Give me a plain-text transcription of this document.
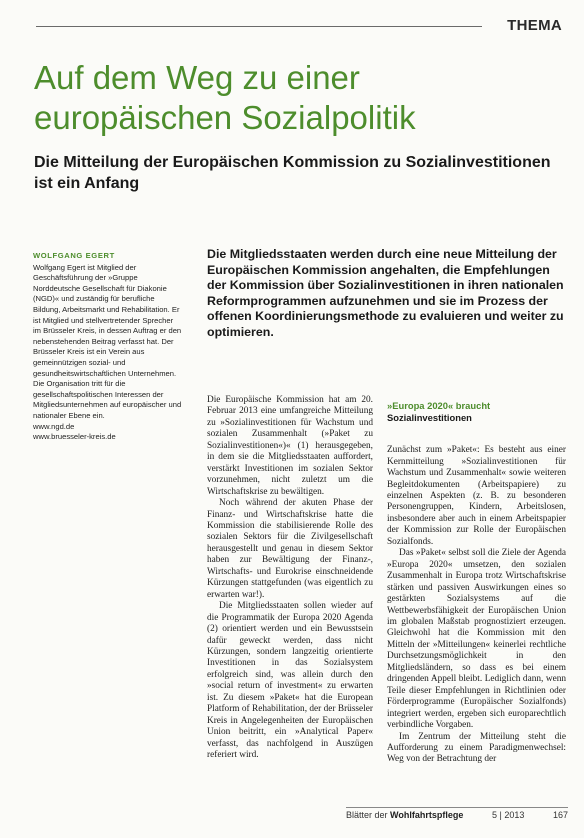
THEMA
Auf dem Weg zu einer europäischen Sozialpolitik
Die Mitteilung der Europäischen Kommission zu Sozialinvestitionen ist ein Anfang
WOLFGANG EGERT

Wolfgang Egert ist Mitglied der Geschäftsführung der »Gruppe Norddeutsche Gesellschaft für Diakonie (NGD)« und zuständig für berufliche Bildung, Arbeitsmarkt und Rehabilitation. Er ist Mitglied und stellvertretender Sprecher im Brüsseler Kreis, in dessen Auftrag er den nebenstehenden Beitrag verfasst hat. Der Brüsseler Kreis ist ein Verein aus gemeinnützigen sozial- und gesundheitswirtschaftlichen Unternehmen. Die Organisation tritt für die gesellschaftspolitischen Interessen der Mitgliedsunternehmen auf europäischer und nationaler Ebene ein.

www.ngd.de

www.bruesseler-kreis.de

Die Mitgliedsstaaten werden durch eine neue Mitteilung der Europäischen Kommission angehalten, die Empfehlungen der Kommission über Sozialinvestitionen in ihren nationalen Reformprogrammen aufzunehmen und sie im Prozess der offenen Koordinierungsmethode zu evaluieren und weiter zu optimieren.

Die Europäische Kommission hat am 20. Februar 2013 eine umfangreiche Mitteilung zu »Sozialinvestitionen für Wachstum und sozialen Zusammenhalt (»Paket zu Sozialinvestitionen«)« (1) herausgegeben, in dem sie die Mitgliedsstaaten auffordert, verstärkt Investitionen im sozialen Sektor vorzunehmen, nicht zuletzt um die Wirtschaftskrise zu bewältigen.

Noch während der akuten Phase der Finanz- und Wirtschaftskrise hatte die Kommission die stabilisierende Rolle des sozialen Sektors für die Zivilgesellschaft herausgestellt und genau in diesem Sektor haben zur Bewältigung der Finanz-, Wirtschafts- und Eurokrise einschneidende Kürzungen stattgefunden (was eigentlich zu erwarten war!).

Die Mitgliedsstaaten sollen wieder auf die Programmatik der Europa 2020 Agenda (2) orientiert werden und ein Bewusstsein dafür geweckt werden, dass nicht Kürzungen, sondern langzeitig orientierte Investitionen in das Sozialsystem erfolgreich sind, was allein durch den »social return of investment« zu erwarten ist. Zu diesem »Paket« hat die European Platform of Rehabilitation, der der Brüsseler Kreis in Angelegenheiten der Europäischen Union beitritt, ein »Analytical Paper« verfasst, das nachfolgend in Auszügen referiert wird.

»Europa 2020« braucht
Sozialinvestitionen

Zunächst zum »Paket«: Es besteht aus einer Kernmitteilung »Sozialinvestitionen für Wachstum und Zusammenhalt« sowie weiteren Begleitdokumenten (Arbeitspapiere) zu einzelnen Aspekten (z. B. zu besonderen Personengruppen, Kindern, Arbeitslosen, insbesondere aber auch in einem Arbeitspapier der Kommission zur Rolle der Europäischen Sozialfonds.

Das »Paket« selbst soll die Ziele der Agenda »Europa 2020« umsetzen, den sozialen Zusammenhalt in Europa trotz Wirtschaftskrise stärken und passiven Auswirkungen eines so gestärkten Sozialsystems auf die Wettbewerbsfähigkeit der Europäischen Union im globalen Maßstab prognostiziert erzeugen. Gleichwohl hat die Kommission mit den Mitteln der »Mitteilungen« keinerlei rechtliche Durchsetzungsmöglichkeit in den Mitgliedsländern, so dass es bei einem dringenden Appell bleibt. Lediglich dann, wenn Teile dieser Empfehlungen in Richtlinien oder Förderprogramme (Europäischer Sozialfonds) integriert werden, ergeben sich europarechtlich verbindliche Vorgaben.

Im Zentrum der Mitteilung steht die Aufforderung zu einem Paradigmenwechsel: Weg von der Betrachtung der

Blätter der Wohlfahrtspflege	5 | 2013	167
